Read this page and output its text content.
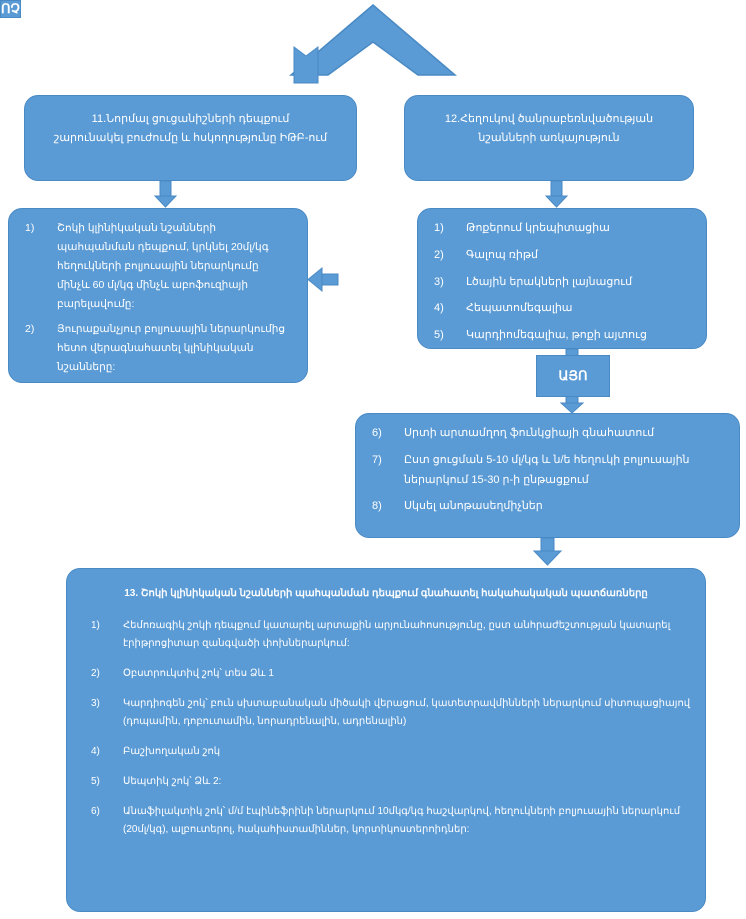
11.Նորմալ ցուցանիշների դեպքում
շարունակել բուժումը և հսկողությունը ԻԹԲ-ում
12.Հեղուկով ծանրաբեռնվածության
նշանների առկայություն
1)	Շոկի կլինիկական նշանների պահպանման դեպքում, կրկնել 20մլ/կգ հեղուկների բոլյուսային ներարկումը մինչև 60 մլ/կգ մինչև աբոֆուզիայի բարելավումը:
2)	Յուրաքանչյուր բոլյուսային ներարկումից հետո վերագնահատել կլինիկական նշանները:
1)	Թոքերում կրեպիտացիա
2)	Գալոպ ռիթմ
3)	Լծային երակների լայնացում
4)	Հեպատոմեգալիա
5)	Կարդիոմեգալիա, թոքի այտուց
ՈՉ
ԱՅՈ
6)	Սրտի արտամղող ֆունկցիայի գնահատում
7)	Ըստ ցուցման 5-10 մլ/կգ և ն/ե հեղուկի բոլյուսային ներարկում 15-30 ր-ի ընթացքում
8)	Սկսել անոթասեղմիչներ
13. Շոկի կլինիկական նշանների պահպանման դեպքում գնահատել հակահակական պատճառները
1)	Հեմոռագիկ շոկի դեպքում կատարել արտաքին արյունահոսությունը, ըստ անհրաժեշտության կատարել էրիթրոցիտար զանգվածի փոխներարկում:
2)	Օբստրուկտիվ շոկ՝ տես Ձև 1
3)	Կարդիոգեն շոկ՝ բուն սխտաբանական միծակի վերացում, կատետրավմինների ներարկում սիտոպացիայով (դոպամին, դոբուտամին, նորադրենալին, ադրենալին)
4)	Բաշխողական շոկ
5)	Սեպտիկ շոկ՝ Ձև 2:
6)	Անաֆիլակտիկ շոկ՝ մ/մ էպինեֆրինի ներարկում 10մկգ/կգ հաշվարկով, հեղուկների բոլյուսային ներարկում (20մլ/կգ), ալբուտերոլ, հակահիստամիններ, կորտիկոստերոիդներ:
